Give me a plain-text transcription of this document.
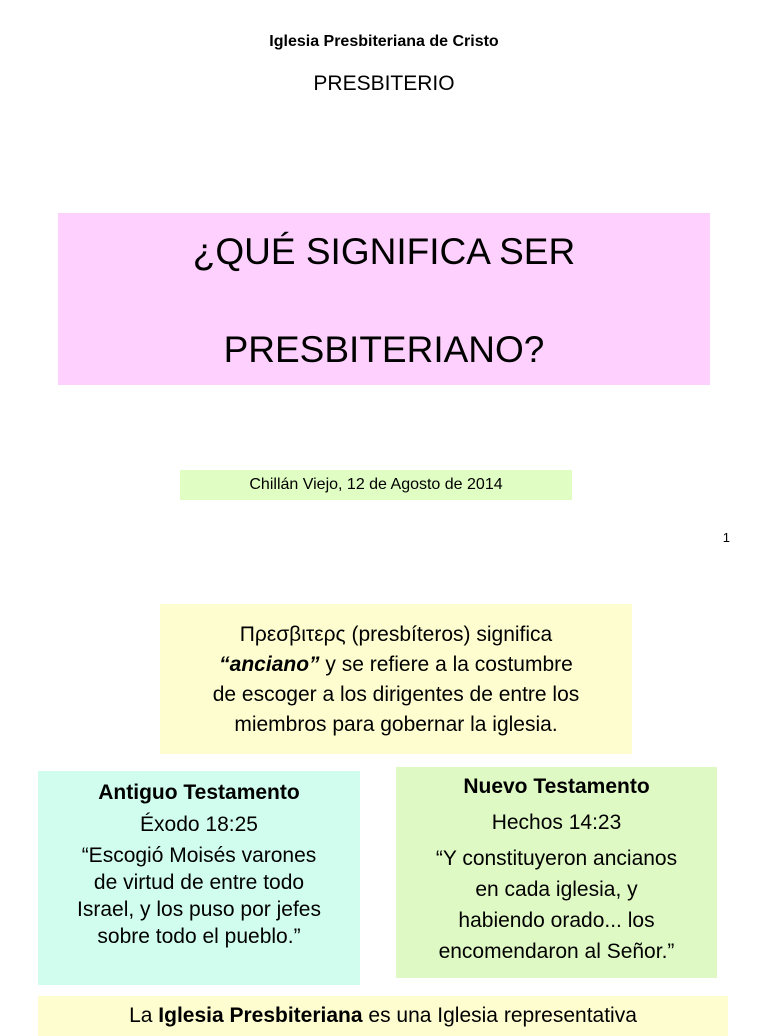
Iglesia Presbiteriana de Cristo
PRESBITERIO
¿QUÉ SIGNIFICA SER
PRESBITERIANO?
Chillán Viejo, 12 de Agosto de 2014
1
Πρεσβιτερς (presbíteros) significa
“anciano” y se refiere a la costumbre
de escoger a los dirigentes de entre los
miembros para gobernar la iglesia.
Antiguo Testamento
Éxodo 18:25
“Escogió Moisés varones
de virtud de entre todo
Israel, y los puso por jefes
sobre todo el pueblo.”
Nuevo Testamento
Hechos 14:23
“Y constituyeron ancianos
en cada iglesia, y
habiendo orado... los
encomendaron al Señor.”
La Iglesia Presbiteriana es una Iglesia representativa
